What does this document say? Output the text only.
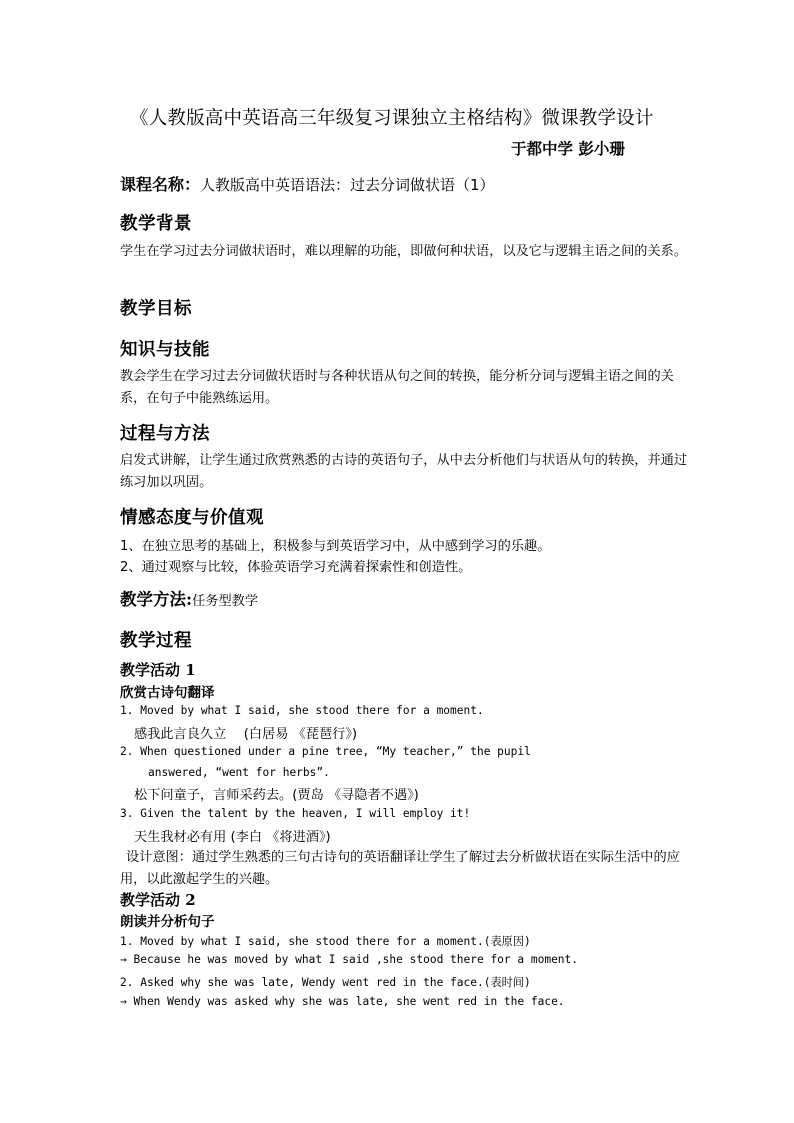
《人教版高中英语高三年级复习课独立主格结构》微课教学设计
于都中学 彭小珊
课程名称：人教版高中英语语法：过去分词做状语（1）
教学背景
学生在学习过去分词做状语时，难以理解的功能，即做何种状语，以及它与逻辑主语之间的关系。
教学目标
知识与技能
教会学生在学习过去分词做状语时与各种状语从句之间的转换，能分析分词与逻辑主语之间的关系，在句子中能熟练运用。
过程与方法
启发式讲解，让学生通过欣赏熟悉的古诗的英语句子，从中去分析他们与状语从句的转换，并通过练习加以巩固。
情感态度与价值观
1、在独立思考的基础上，积极参与到英语学习中，从中感到学习的乐趣。
2、通过观察与比较，体验英语学习充满着探索性和创造性。
教学方法:任务型教学
教学过程
教学活动 1
欣赏古诗句翻译
1. Moved by what I said, she stood there for a moment.
感我此言良久立　 (白居易 《琵琶行》)
2. When questioned under a pine tree, “My teacher,” the pupil
answered, “went for herbs”.
松下问童子，言师采药去。(贾岛 《寻隐者不遇》)
3. Given the talent by the heaven, I will employ it!
天生我材必有用 (李白 《将进酒》)
设计意图：通过学生熟悉的三句古诗句的英语翻译让学生了解过去分析做状语在实际生活中的应用，以此激起学生的兴趣。
教学活动 2
朗读并分析句子
1. Moved by what I said, she stood there for a moment.(表原因)
→ Because he was moved by what I said ,she stood there for a moment.
2. Asked why she was late, Wendy went red in the face.(表时间)
→ When Wendy was asked why she was late, she went red in the face.
